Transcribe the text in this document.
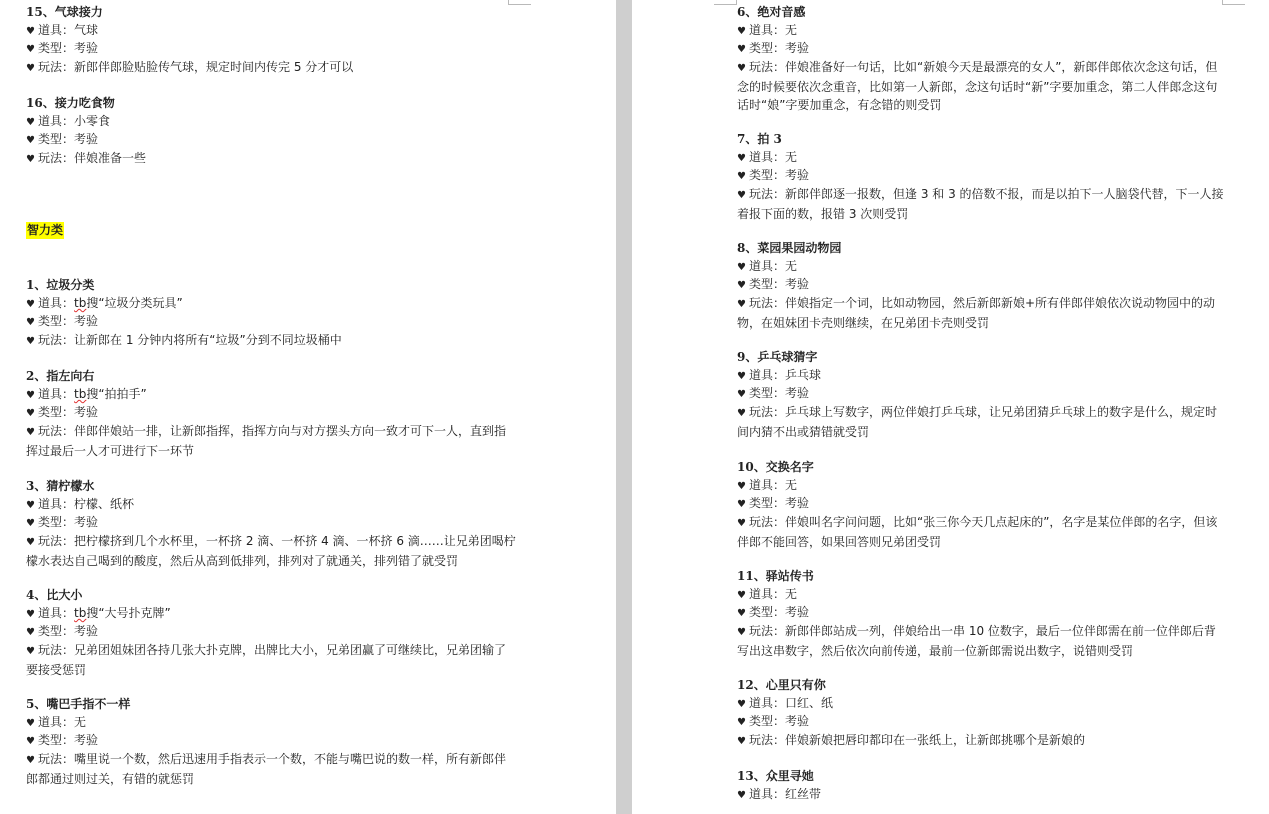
15、气球接力
♥ 道具：气球
♥ 类型：考验
♥ 玩法：新郎伴郎脸贴脸传气球，规定时间内传完 5 分才可以
16、接力吃食物
♥ 道具：小零食
♥ 类型：考验
♥ 玩法：伴娘准备一些
智力类
1、垃圾分类
♥ 道具：tb搜“垃圾分类玩具”
♥ 类型：考验
♥ 玩法：让新郎在 1 分钟内将所有“垃圾”分到不同垃圾桶中
2、指左向右
♥ 道具：tb搜“拍拍手”
♥ 类型：考验
♥ 玩法：伴郎伴娘站一排，让新郎指挥，指挥方向与对方摆头方向一致才可下一人，直到指挥过最后一人才可进行下一环节
3、猜柠檬水
♥ 道具：柠檬、纸杯
♥ 类型：考验
♥ 玩法：把柠檬挤到几个水杯里，一杯挤 2 滴、一杯挤 4 滴、一杯挤 6 滴……让兄弟团喝柠檬水表达自己喝到的酸度，然后从高到低排列，排列对了就通关，排列错了就受罚
4、比大小
♥ 道具：tb搜“大号扑克牌”
♥ 类型：考验
♥ 玩法：兄弟团姐妹团各持几张大扑克牌，出牌比大小，兄弟团赢了可继续比，兄弟团输了要接受惩罚
5、嘴巴手指不一样
♥ 道具：无
♥ 类型：考验
♥ 玩法：嘴里说一个数，然后迅速用手指表示一个数，不能与嘴巴说的数一样，所有新郎伴郎都通过则过关，有错的就惩罚
6、绝对音感
♥ 道具：无
♥ 类型：考验
♥ 玩法：伴娘准备好一句话，比如“新娘今天是最漂亮的女人”，新郎伴郎依次念这句话，但念的时候要依次念重音，比如第一人新郎，念这句话时“新”字要加重念，第二人伴郎念这句话时“娘”字要加重念，有念错的则受罚
7、拍 3
♥ 道具：无
♥ 类型：考验
♥ 玩法：新郎伴郎逐一报数，但逢 3 和 3 的倍数不报，而是以拍下一人脑袋代替，下一人接着报下面的数，报错 3 次则受罚
8、菜园果园动物园
♥ 道具：无
♥ 类型：考验
♥ 玩法：伴娘指定一个词，比如动物园，然后新郎新娘+所有伴郎伴娘依次说动物园中的动物，在姐妹团卡壳则继续，在兄弟团卡壳则受罚
9、乒乓球猜字
♥ 道具：乒乓球
♥ 类型：考验
♥ 玩法：乒乓球上写数字，两位伴娘打乒乓球，让兄弟团猜乒乓球上的数字是什么，规定时间内猜不出或猜错就受罚
10、交换名字
♥ 道具：无
♥ 类型：考验
♥ 玩法：伴娘叫名字问问题，比如“张三你今天几点起床的”，名字是某位伴郎的名字，但该伴郎不能回答，如果回答则兄弟团受罚
11、驿站传书
♥ 道具：无
♥ 类型：考验
♥ 玩法：新郎伴郎站成一列，伴娘给出一串 10 位数字，最后一位伴郎需在前一位伴郎后背写出这串数字，然后依次向前传递，最前一位新郎需说出数字，说错则受罚
12、心里只有你
♥ 道具：口红、纸
♥ 类型：考验
♥ 玩法：伴娘新娘把唇印都印在一张纸上，让新郎挑哪个是新娘的
13、众里寻她
♥ 道具：红丝带
